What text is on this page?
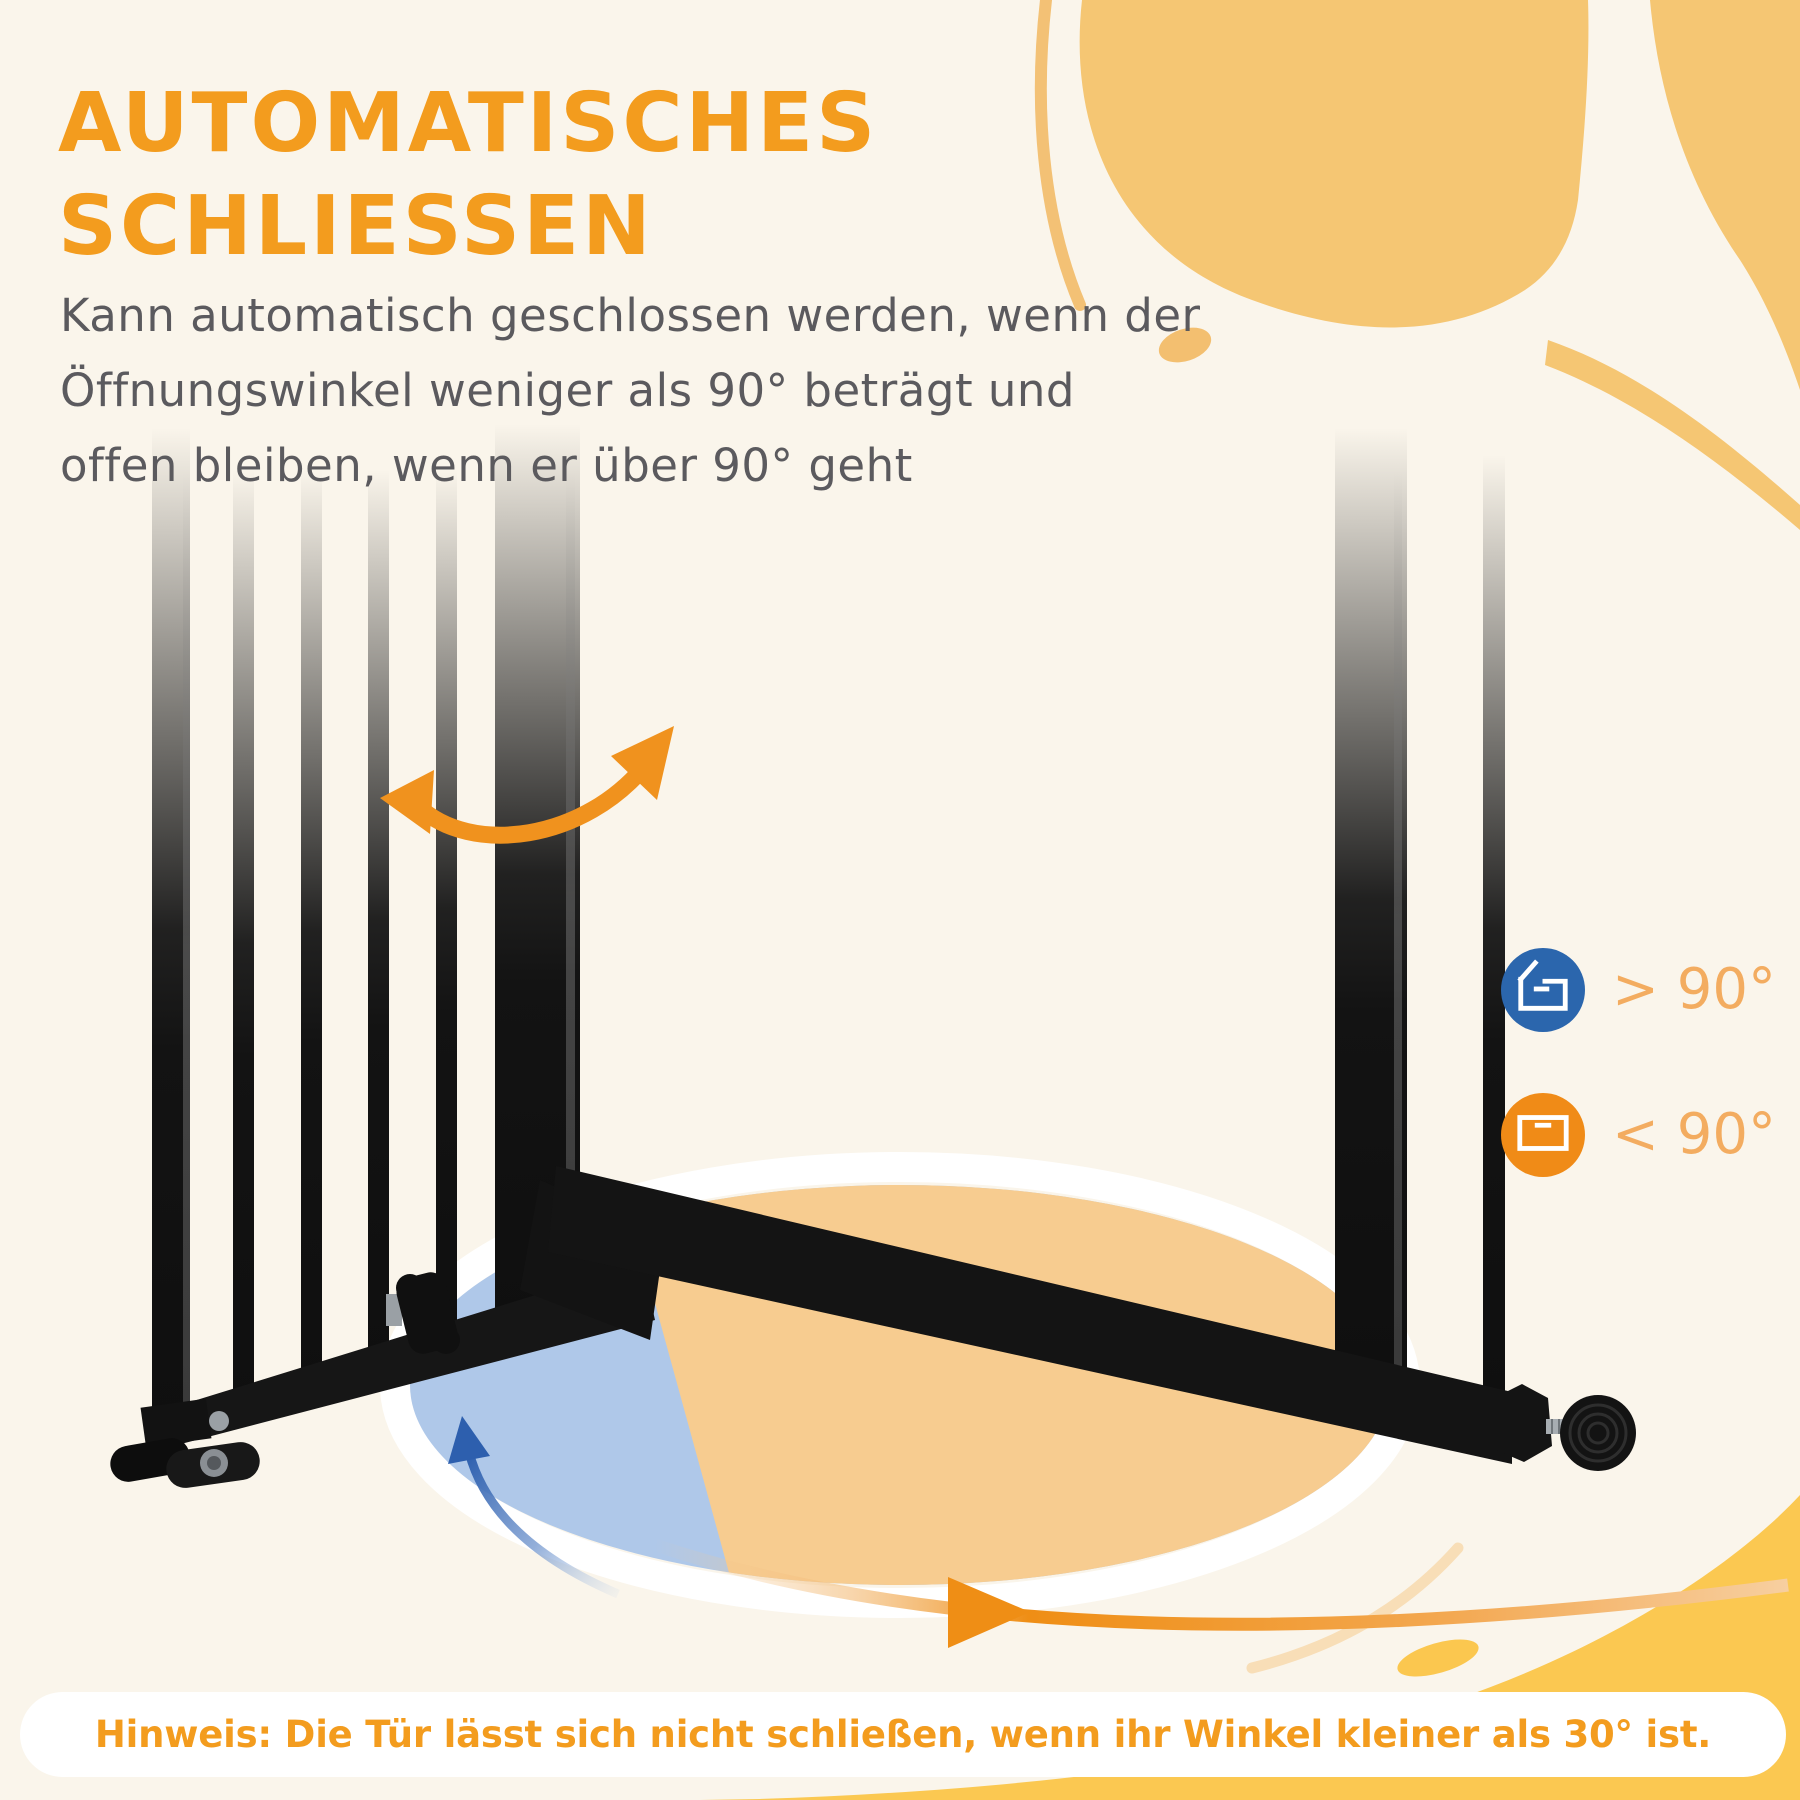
AUTOMATISCHES
SCHLIESSEN
Kann automatisch geschlossen werden, wenn der
Öffnungswinkel weniger als 90° beträgt und
offen bleiben, wenn er über 90° geht
> 90°
< 90°
Hinweis: Die Tür lässt sich nicht schließen, wenn ihr Winkel kleiner als 30° ist.
